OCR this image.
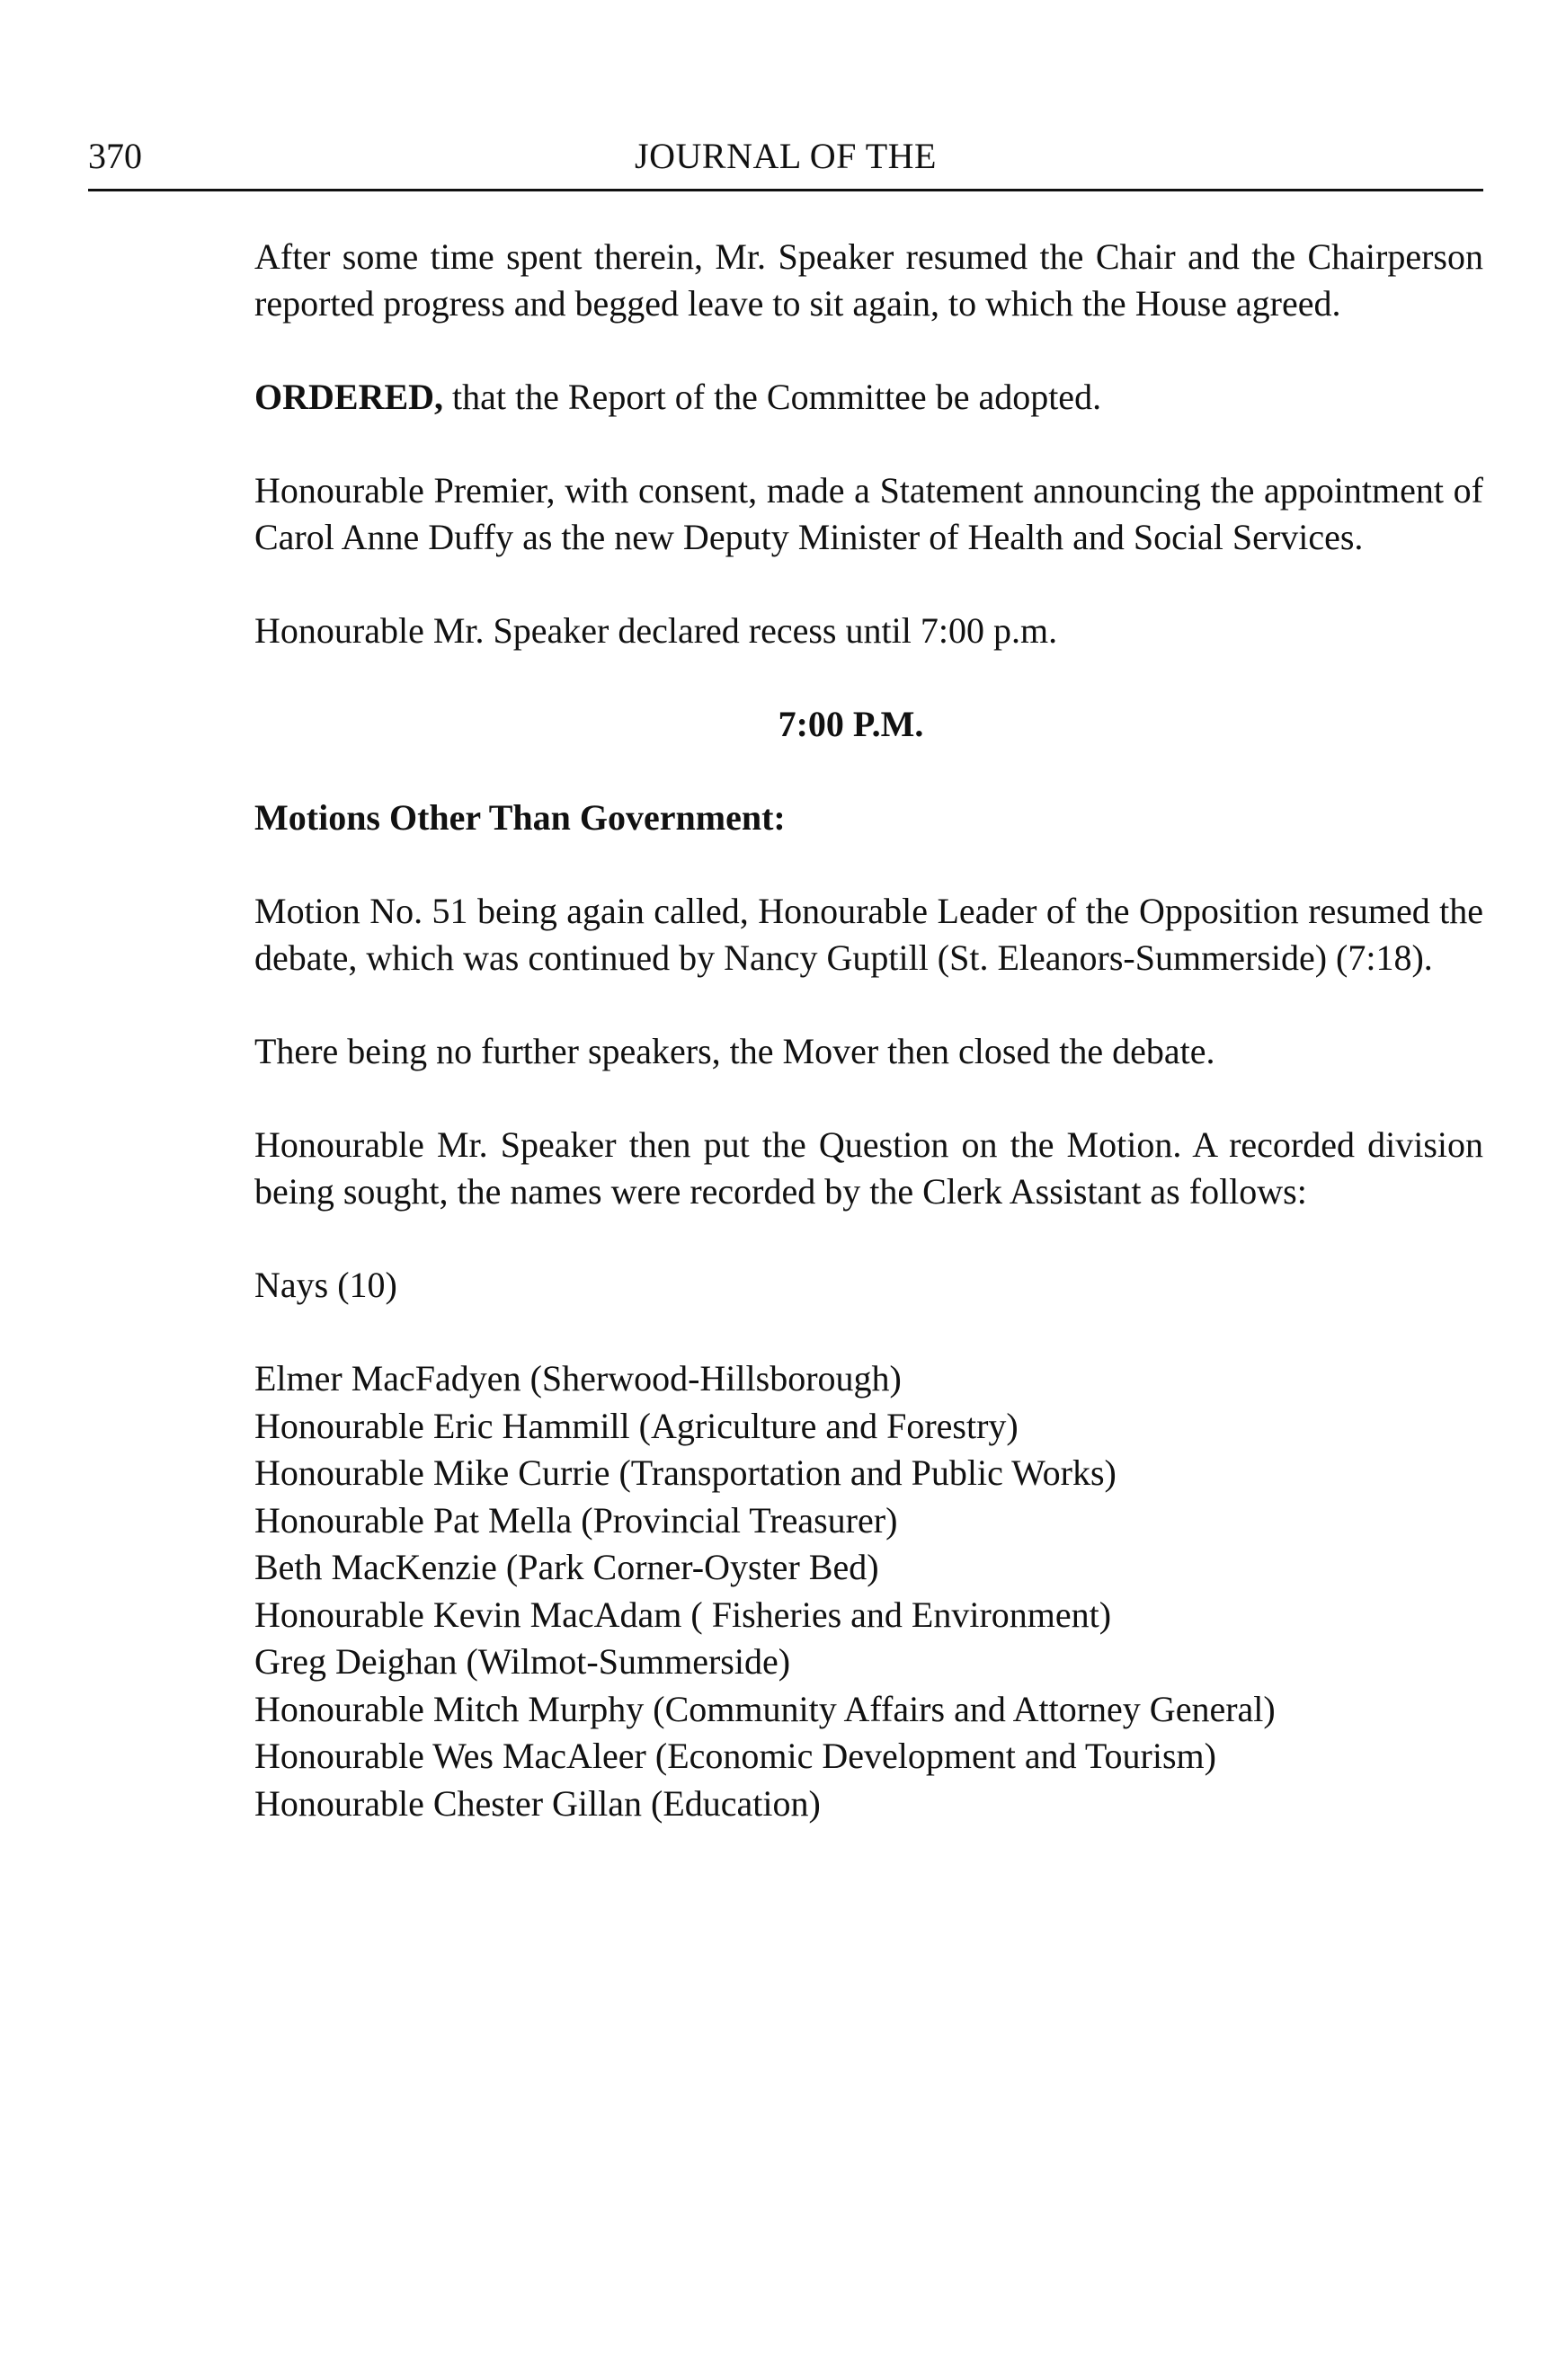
370	JOURNAL OF THE

After some time spent therein, Mr. Speaker resumed the Chair and the Chairperson reported progress and begged leave to sit again, to which the House agreed.

ORDERED, that the Report of the Committee be adopted.

Honourable Premier, with consent, made a Statement announcing the appointment of Carol Anne Duffy as the new Deputy Minister of Health and Social Services.

Honourable Mr. Speaker declared recess until 7:00 p.m.

7:00 P.M.

Motions Other Than Government:

Motion No. 51 being again called, Honourable Leader of the Opposition resumed the debate, which was continued by Nancy Guptill (St. Eleanors-Summerside) (7:18).

There being no further speakers, the Mover then closed the debate.

Honourable Mr. Speaker then put the Question on the Motion. A recorded division being sought, the names were recorded by the Clerk Assistant as follows:

Nays (10)

Elmer MacFadyen (Sherwood-Hillsborough)
Honourable Eric Hammill (Agriculture and Forestry)
Honourable Mike Currie (Transportation and Public Works)
Honourable Pat Mella (Provincial Treasurer)
Beth MacKenzie (Park Corner-Oyster Bed)
Honourable Kevin MacAdam ( Fisheries and Environment)
Greg Deighan (Wilmot-Summerside)
Honourable Mitch Murphy (Community Affairs and Attorney General)
Honourable Wes MacAleer (Economic Development and Tourism)
Honourable Chester Gillan (Education)
